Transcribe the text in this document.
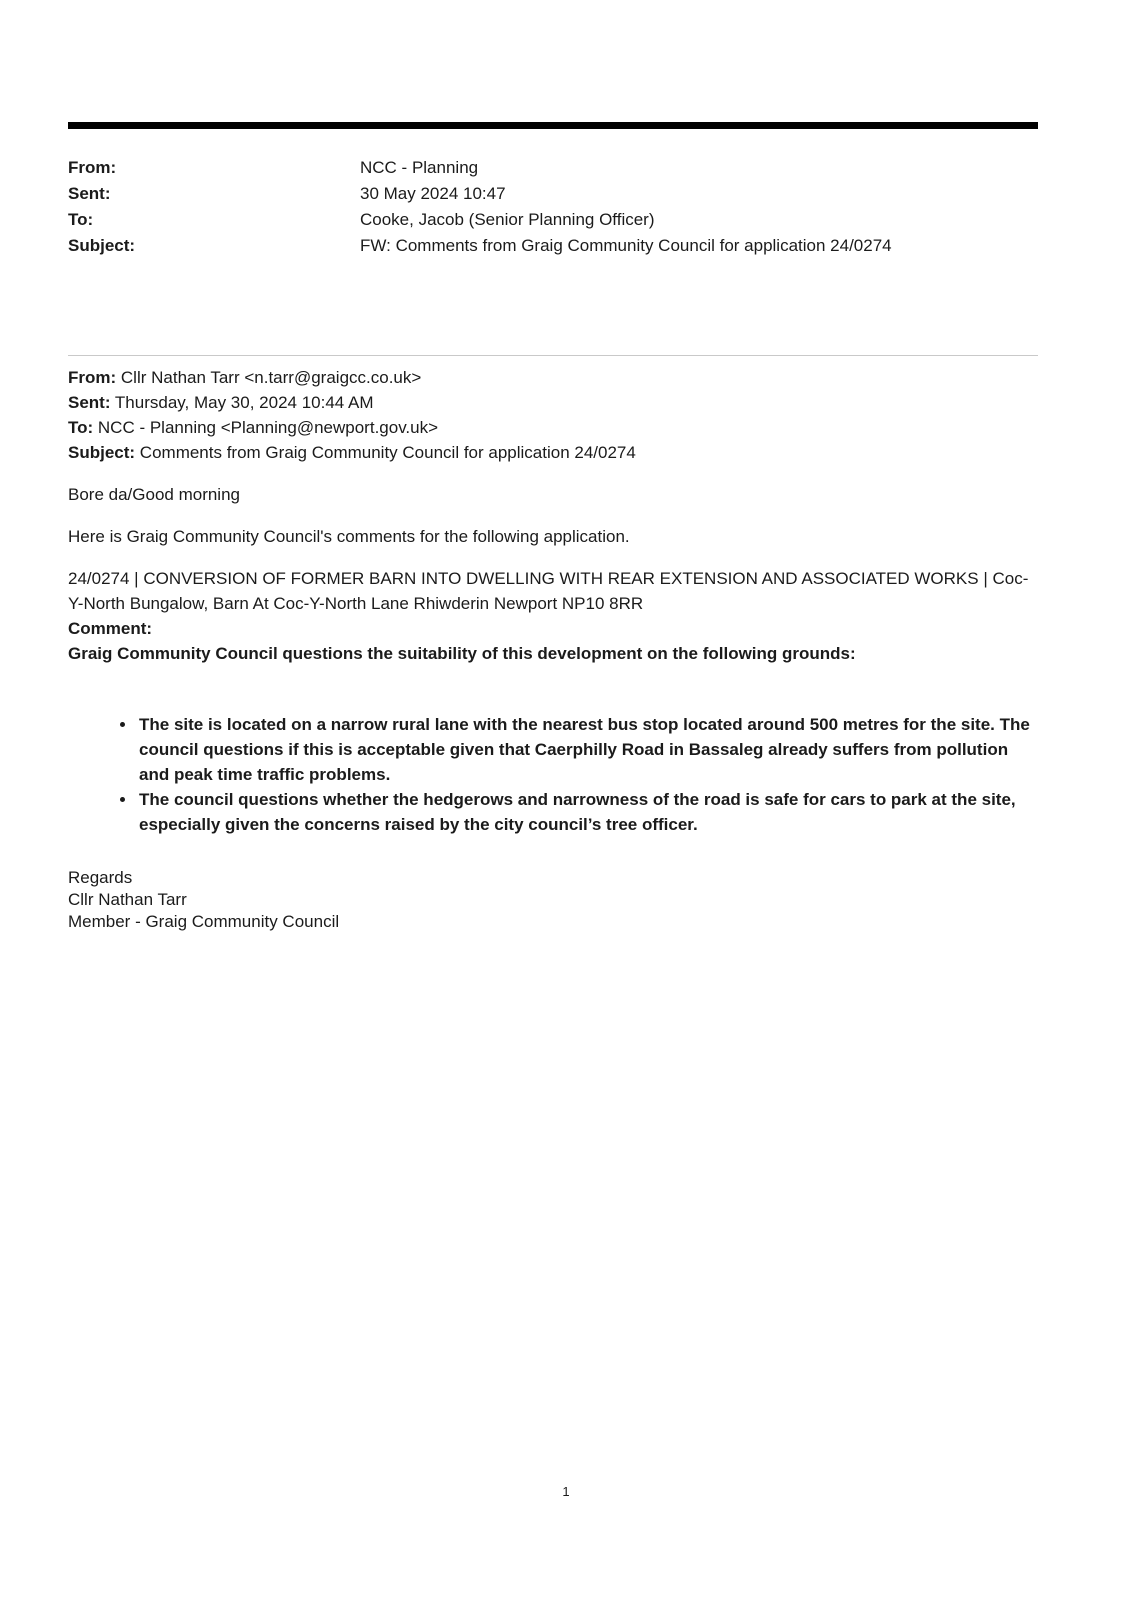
From:	NCC - Planning
Sent:	30 May 2024 10:47
To:	Cooke, Jacob (Senior Planning Officer)
Subject:	FW: Comments from Graig Community Council for application 24/0274

From: Cllr Nathan Tarr <n.tarr@graigcc.co.uk>

Sent: Thursday, May 30, 2024 10:44 AM

To: NCC - Planning <Planning@newport.gov.uk>

Subject: Comments from Graig Community Council for application 24/0274

Bore da/Good morning

Here is Graig Community Council's comments for the following application.

24/0274 | CONVERSION OF FORMER BARN INTO DWELLING WITH REAR EXTENSION AND ASSOCIATED WORKS | Coc-Y-North Bungalow, Barn At Coc-Y-North Lane Rhiwderin Newport NP10 8RR

Comment:

Graig Community Council questions the suitability of this development on the following grounds:

• The site is located on a narrow rural lane with the nearest bus stop located around 500 metres for the site. The council questions if this is acceptable given that Caerphilly Road in Bassaleg already suffers from pollution and peak time traffic problems.
• The council questions whether the hedgerows and narrowness of the road is safe for cars to park at the site, especially given the concerns raised by the city council’s tree officer.

Regards

Cllr Nathan Tarr

Member - Graig Community Council

1
